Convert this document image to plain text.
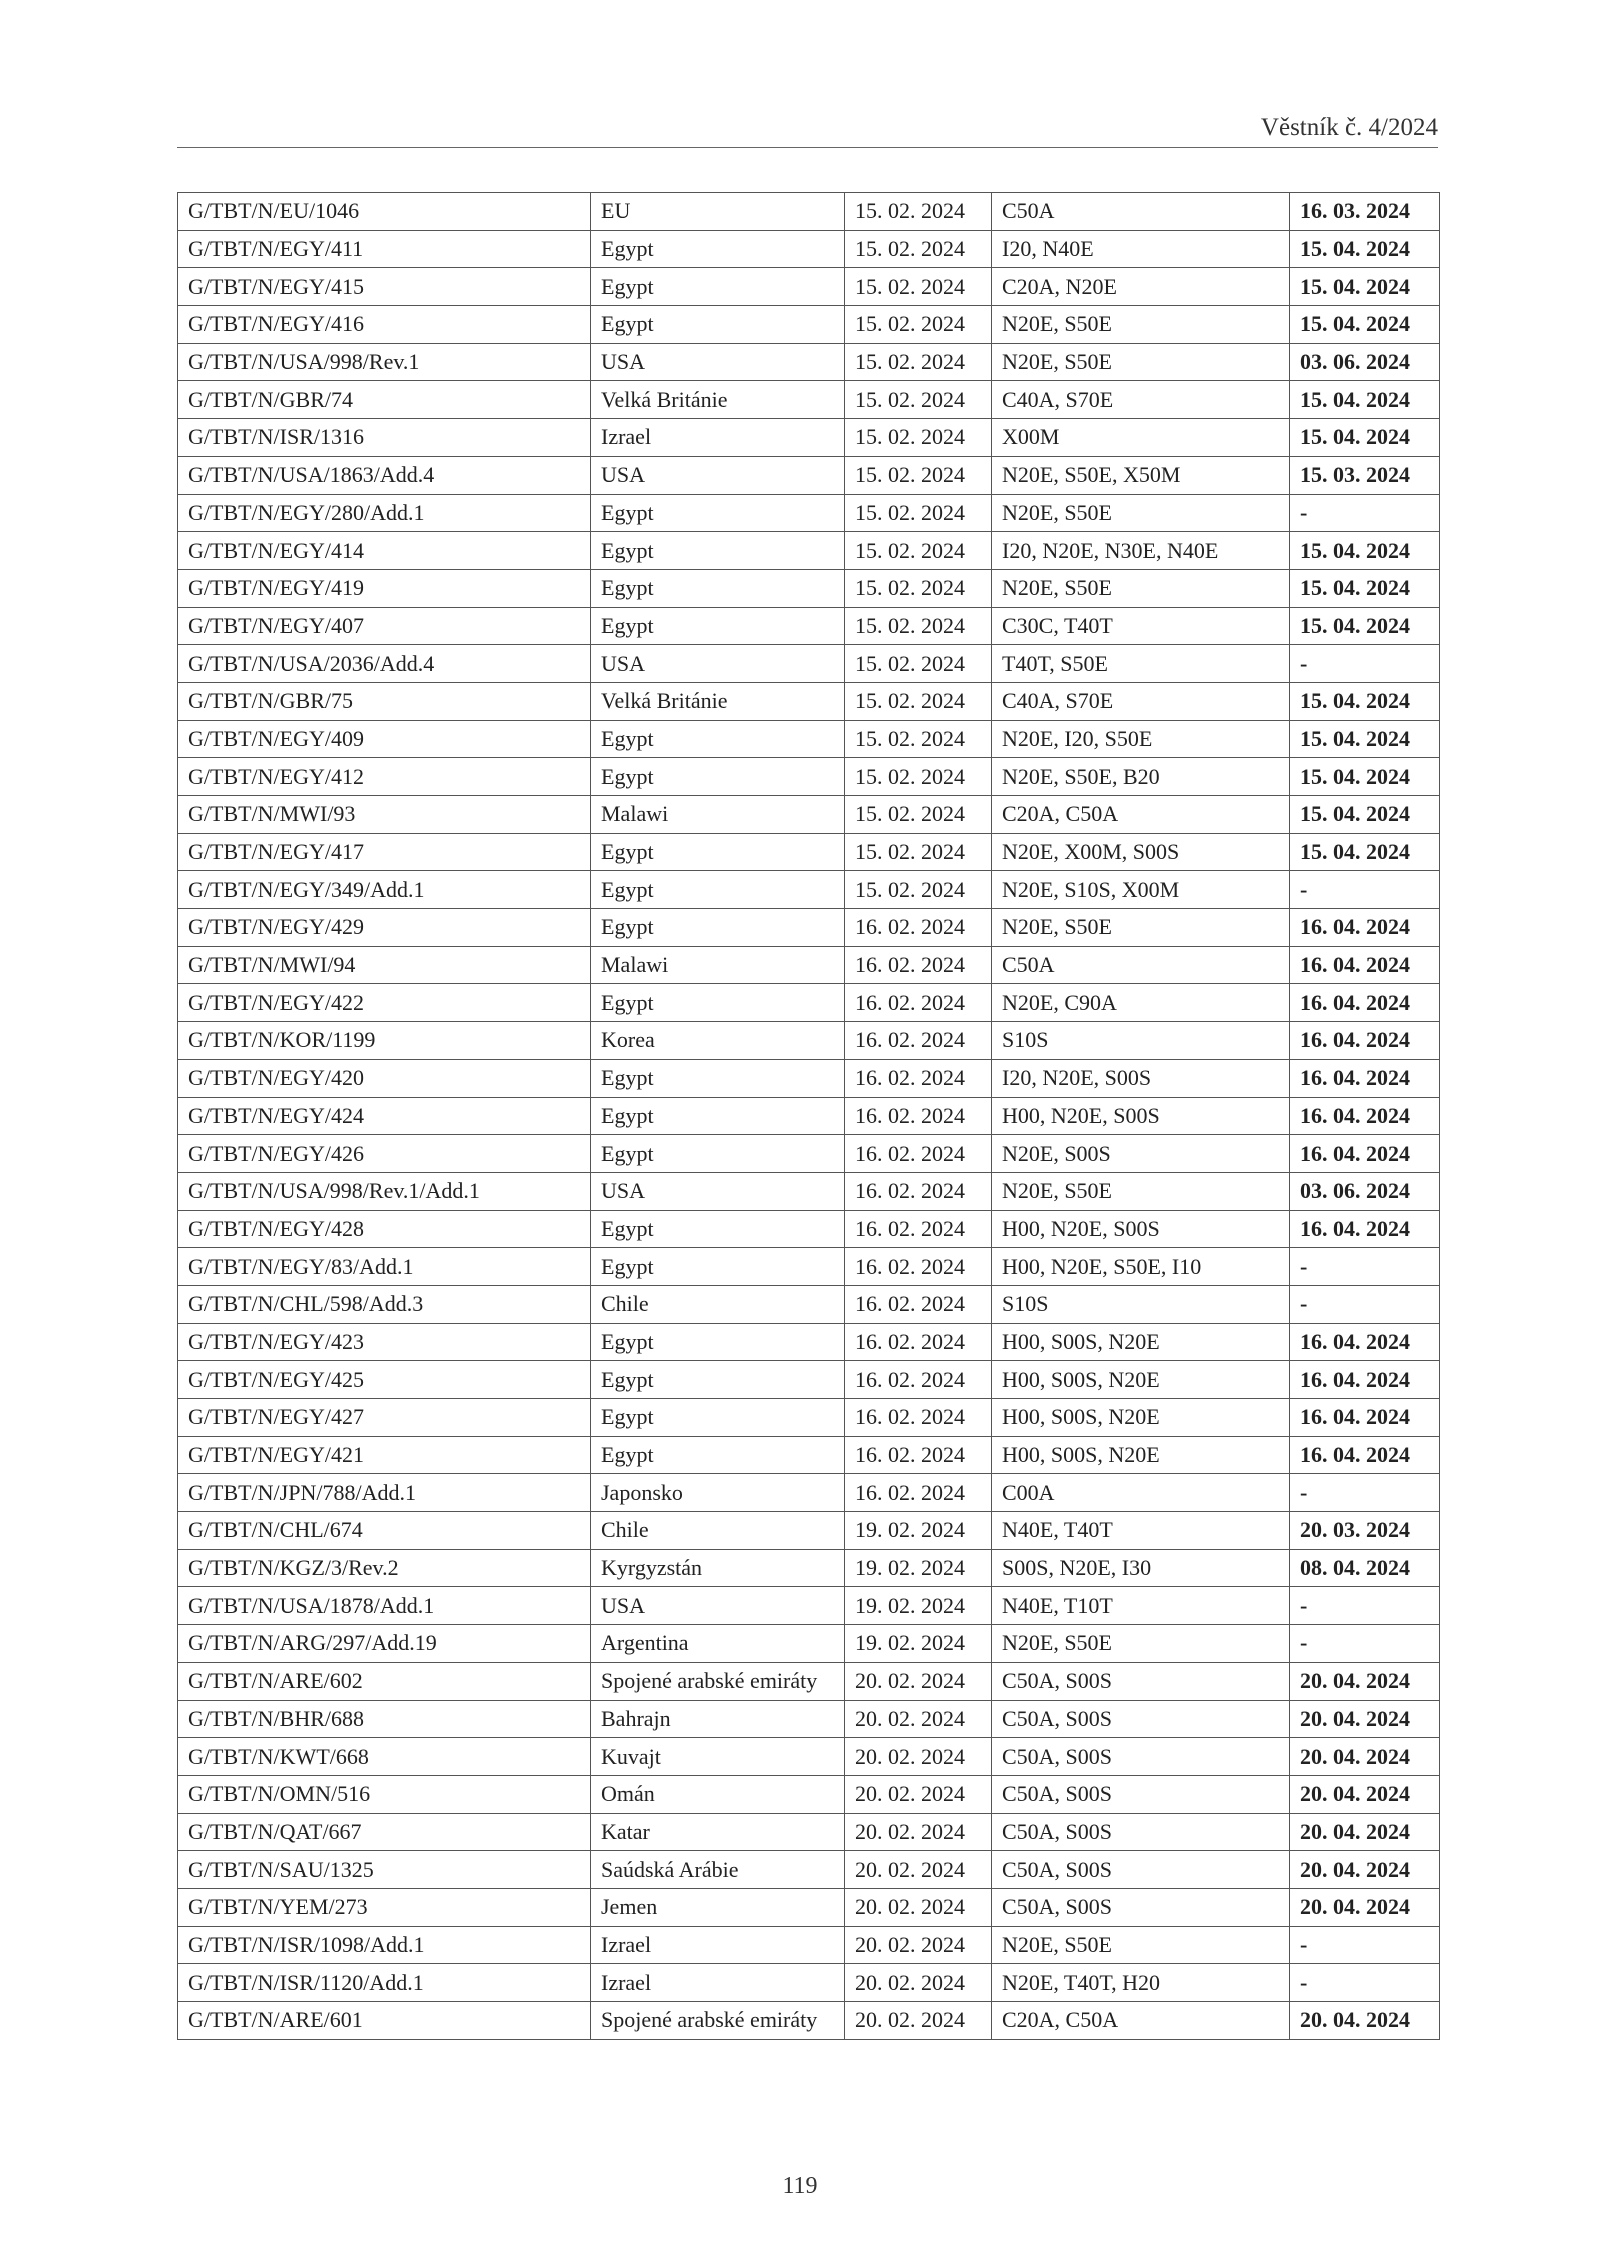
Věstník č. 4/2024
G/TBT/N/EU/1046	EU	15. 02. 2024	C50A	16. 03. 2024
G/TBT/N/EGY/411	Egypt	15. 02. 2024	I20, N40E	15. 04. 2024
G/TBT/N/EGY/415	Egypt	15. 02. 2024	C20A, N20E	15. 04. 2024
G/TBT/N/EGY/416	Egypt	15. 02. 2024	N20E, S50E	15. 04. 2024
G/TBT/N/USA/998/Rev.1	USA	15. 02. 2024	N20E, S50E	03. 06. 2024
G/TBT/N/GBR/74	Velká Británie	15. 02. 2024	C40A, S70E	15. 04. 2024
G/TBT/N/ISR/1316	Izrael	15. 02. 2024	X00M	15. 04. 2024
G/TBT/N/USA/1863/Add.4	USA	15. 02. 2024	N20E, S50E, X50M	15. 03. 2024
G/TBT/N/EGY/280/Add.1	Egypt	15. 02. 2024	N20E, S50E	-
G/TBT/N/EGY/414	Egypt	15. 02. 2024	I20, N20E, N30E, N40E	15. 04. 2024
G/TBT/N/EGY/419	Egypt	15. 02. 2024	N20E, S50E	15. 04. 2024
G/TBT/N/EGY/407	Egypt	15. 02. 2024	C30C, T40T	15. 04. 2024
G/TBT/N/USA/2036/Add.4	USA	15. 02. 2024	T40T, S50E	-
G/TBT/N/GBR/75	Velká Británie	15. 02. 2024	C40A, S70E	15. 04. 2024
G/TBT/N/EGY/409	Egypt	15. 02. 2024	N20E, I20, S50E	15. 04. 2024
G/TBT/N/EGY/412	Egypt	15. 02. 2024	N20E, S50E, B20	15. 04. 2024
G/TBT/N/MWI/93	Malawi	15. 02. 2024	C20A, C50A	15. 04. 2024
G/TBT/N/EGY/417	Egypt	15. 02. 2024	N20E, X00M, S00S	15. 04. 2024
G/TBT/N/EGY/349/Add.1	Egypt	15. 02. 2024	N20E, S10S, X00M	-
G/TBT/N/EGY/429	Egypt	16. 02. 2024	N20E, S50E	16. 04. 2024
G/TBT/N/MWI/94	Malawi	16. 02. 2024	C50A	16. 04. 2024
G/TBT/N/EGY/422	Egypt	16. 02. 2024	N20E, C90A	16. 04. 2024
G/TBT/N/KOR/1199	Korea	16. 02. 2024	S10S	16. 04. 2024
G/TBT/N/EGY/420	Egypt	16. 02. 2024	I20, N20E, S00S	16. 04. 2024
G/TBT/N/EGY/424	Egypt	16. 02. 2024	H00, N20E, S00S	16. 04. 2024
G/TBT/N/EGY/426	Egypt	16. 02. 2024	N20E, S00S	16. 04. 2024
G/TBT/N/USA/998/Rev.1/Add.1	USA	16. 02. 2024	N20E, S50E	03. 06. 2024
G/TBT/N/EGY/428	Egypt	16. 02. 2024	H00, N20E, S00S	16. 04. 2024
G/TBT/N/EGY/83/Add.1	Egypt	16. 02. 2024	H00, N20E, S50E, I10	-
G/TBT/N/CHL/598/Add.3	Chile	16. 02. 2024	S10S	-
G/TBT/N/EGY/423	Egypt	16. 02. 2024	H00, S00S, N20E	16. 04. 2024
G/TBT/N/EGY/425	Egypt	16. 02. 2024	H00, S00S, N20E	16. 04. 2024
G/TBT/N/EGY/427	Egypt	16. 02. 2024	H00, S00S, N20E	16. 04. 2024
G/TBT/N/EGY/421	Egypt	16. 02. 2024	H00, S00S, N20E	16. 04. 2024
G/TBT/N/JPN/788/Add.1	Japonsko	16. 02. 2024	C00A	-
G/TBT/N/CHL/674	Chile	19. 02. 2024	N40E, T40T	20. 03. 2024
G/TBT/N/KGZ/3/Rev.2	Kyrgyzstán	19. 02. 2024	S00S, N20E, I30	08. 04. 2024
G/TBT/N/USA/1878/Add.1	USA	19. 02. 2024	N40E, T10T	-
G/TBT/N/ARG/297/Add.19	Argentina	19. 02. 2024	N20E, S50E	-
G/TBT/N/ARE/602	Spojené arabské emiráty	20. 02. 2024	C50A, S00S	20. 04. 2024
G/TBT/N/BHR/688	Bahrajn	20. 02. 2024	C50A, S00S	20. 04. 2024
G/TBT/N/KWT/668	Kuvajt	20. 02. 2024	C50A, S00S	20. 04. 2024
G/TBT/N/OMN/516	Omán	20. 02. 2024	C50A, S00S	20. 04. 2024
G/TBT/N/QAT/667	Katar	20. 02. 2024	C50A, S00S	20. 04. 2024
G/TBT/N/SAU/1325	Saúdská Arábie	20. 02. 2024	C50A, S00S	20. 04. 2024
G/TBT/N/YEM/273	Jemen	20. 02. 2024	C50A, S00S	20. 04. 2024
G/TBT/N/ISR/1098/Add.1	Izrael	20. 02. 2024	N20E, S50E	-
G/TBT/N/ISR/1120/Add.1	Izrael	20. 02. 2024	N20E, T40T, H20	-
G/TBT/N/ARE/601	Spojené arabské emiráty	20. 02. 2024	C20A, C50A	20. 04. 2024
119
